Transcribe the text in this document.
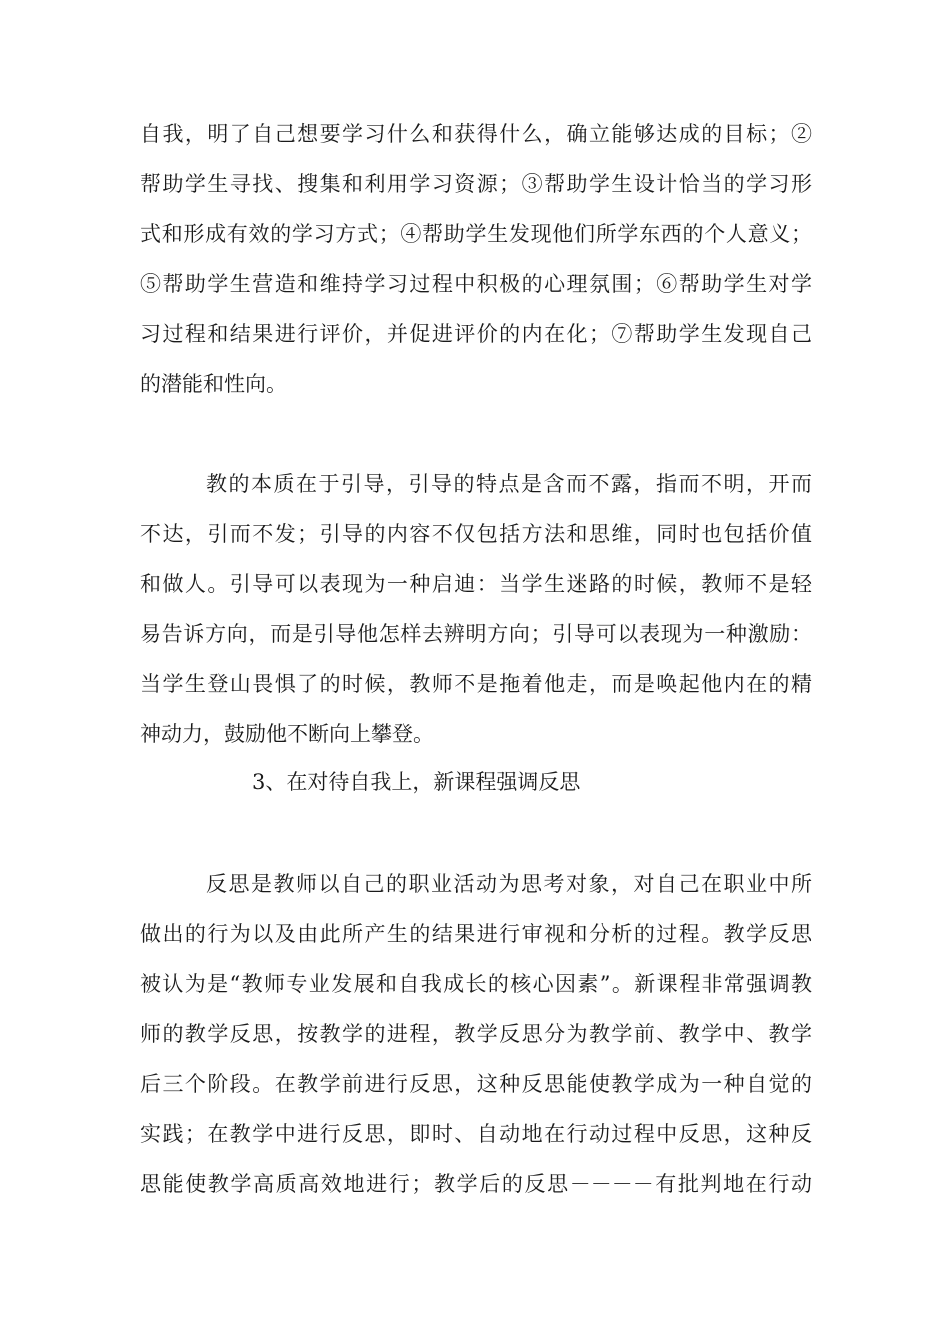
自我，明了自己想要学习什么和获得什么，确立能够达成的目标；②
帮助学生寻找、搜集和利用学习资源；③帮助学生设计恰当的学习形
式和形成有效的学习方式；④帮助学生发现他们所学东西的个人意义；
⑤帮助学生营造和维持学习过程中积极的心理氛围；⑥帮助学生对学
习过程和结果进行评价，并促进评价的内在化；⑦帮助学生发现自己
的潜能和性向。
教的本质在于引导，引导的特点是含而不露，指而不明，开而
不达，引而不发；引导的内容不仅包括方法和思维，同时也包括价值
和做人。引导可以表现为一种启迪：当学生迷路的时候，教师不是轻
易告诉方向，而是引导他怎样去辨明方向；引导可以表现为一种激励：
当学生登山畏惧了的时候，教师不是拖着他走，而是唤起他内在的精
神动力，鼓励他不断向上攀登。
3、在对待自我上，新课程强调反思
反思是教师以自己的职业活动为思考对象，对自己在职业中所
做出的行为以及由此所产生的结果进行审视和分析的过程。教学反思
被认为是“教师专业发展和自我成长的核心因素”。新课程非常强调教
师的教学反思，按教学的进程，教学反思分为教学前、教学中、教学
后三个阶段。在教学前进行反思，这种反思能使教学成为一种自觉的
实践；在教学中进行反思，即时、自动地在行动过程中反思，这种反
思能使教学高质高效地进行；教学后的反思－－－－有批判地在行动
